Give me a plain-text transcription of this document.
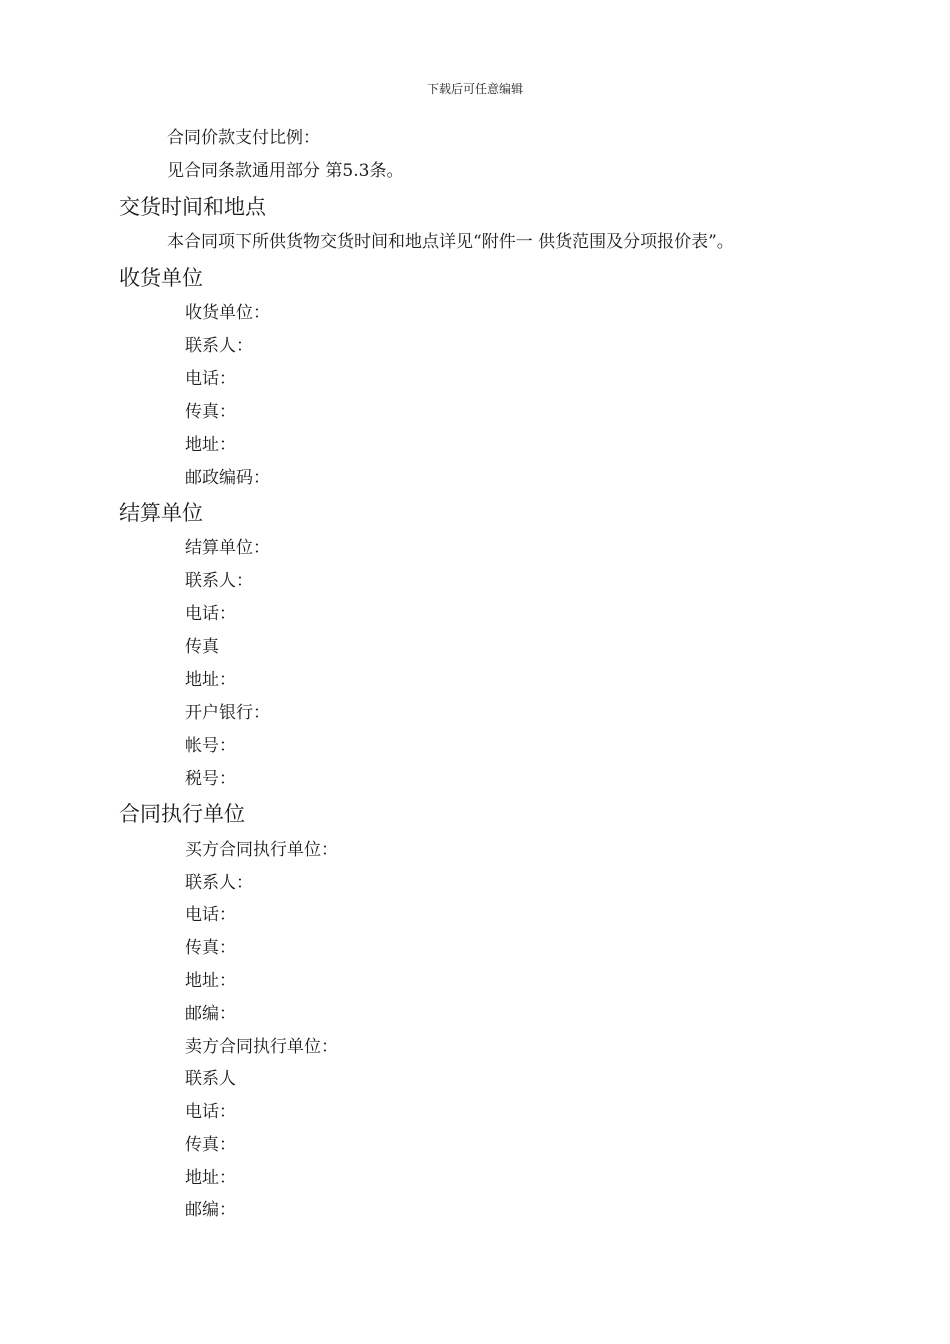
下载后可任意编辑
合同价款支付比例：
见合同条款通用部分 第5.3条。
交货时间和地点
本合同项下所供货物交货时间和地点详见“附件一 供货范围及分项报价表”。
收货单位
收货单位：
联系人：
电话：
传真：
地址：
邮政编码：
结算单位
结算单位：
联系人：
电话：
传真
地址：
开户银行：
帐号：
税号：
合同执行单位
买方合同执行单位：
联系人：
电话：
传真：
地址：
邮编：
卖方合同执行单位：
联系人
电话：
传真：
地址：
邮编：
